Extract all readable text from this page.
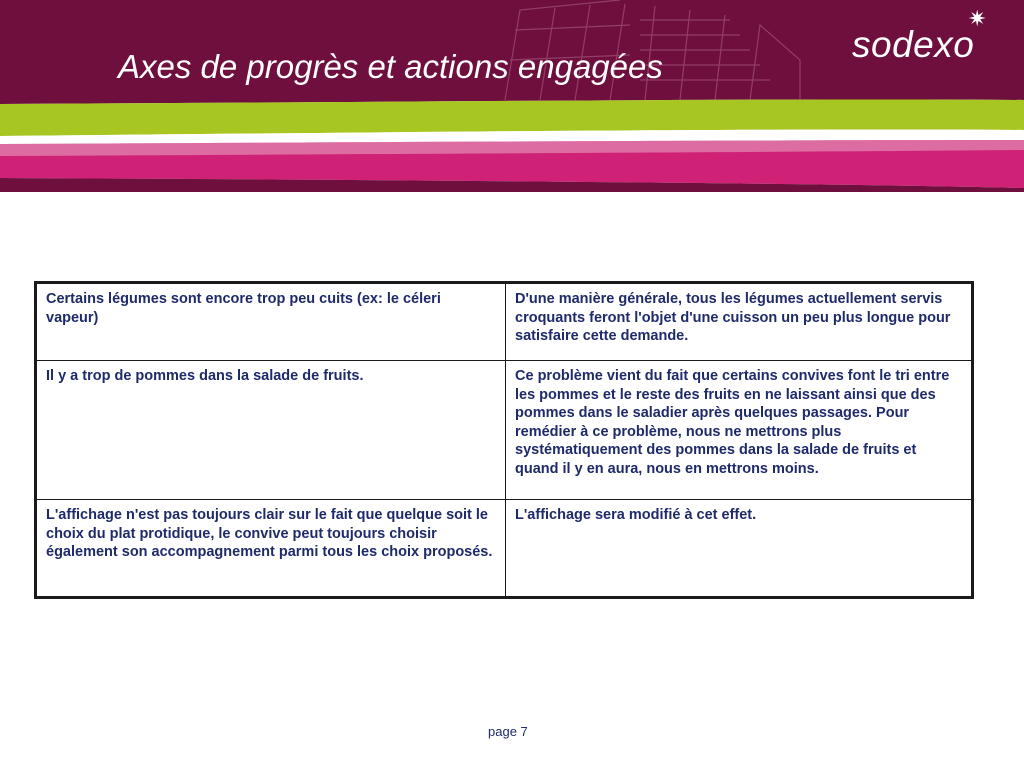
Axes de progrès et actions engagées
sodexo
✷
Certains légumes sont encore trop peu cuits (ex: le céleri vapeur)	D'une manière générale, tous les légumes actuellement servis croquants feront l'objet d'une cuisson un peu plus longue pour satisfaire cette demande.
Il y a trop de pommes dans la salade de fruits.	Ce problème vient du fait que certains convives font le tri entre les pommes et le reste des fruits en ne laissant ainsi que des pommes dans le saladier après quelques passages. Pour remédier à ce problème, nous ne mettrons plus systématiquement des pommes dans la salade de fruits et quand il y en aura, nous en mettrons moins.
L'affichage n'est pas toujours clair sur le fait que quelque soit le choix du plat protidique, le convive peut toujours choisir également son accompagnement parmi tous les choix proposés.	L'affichage sera modifié à cet effet.
page 7
